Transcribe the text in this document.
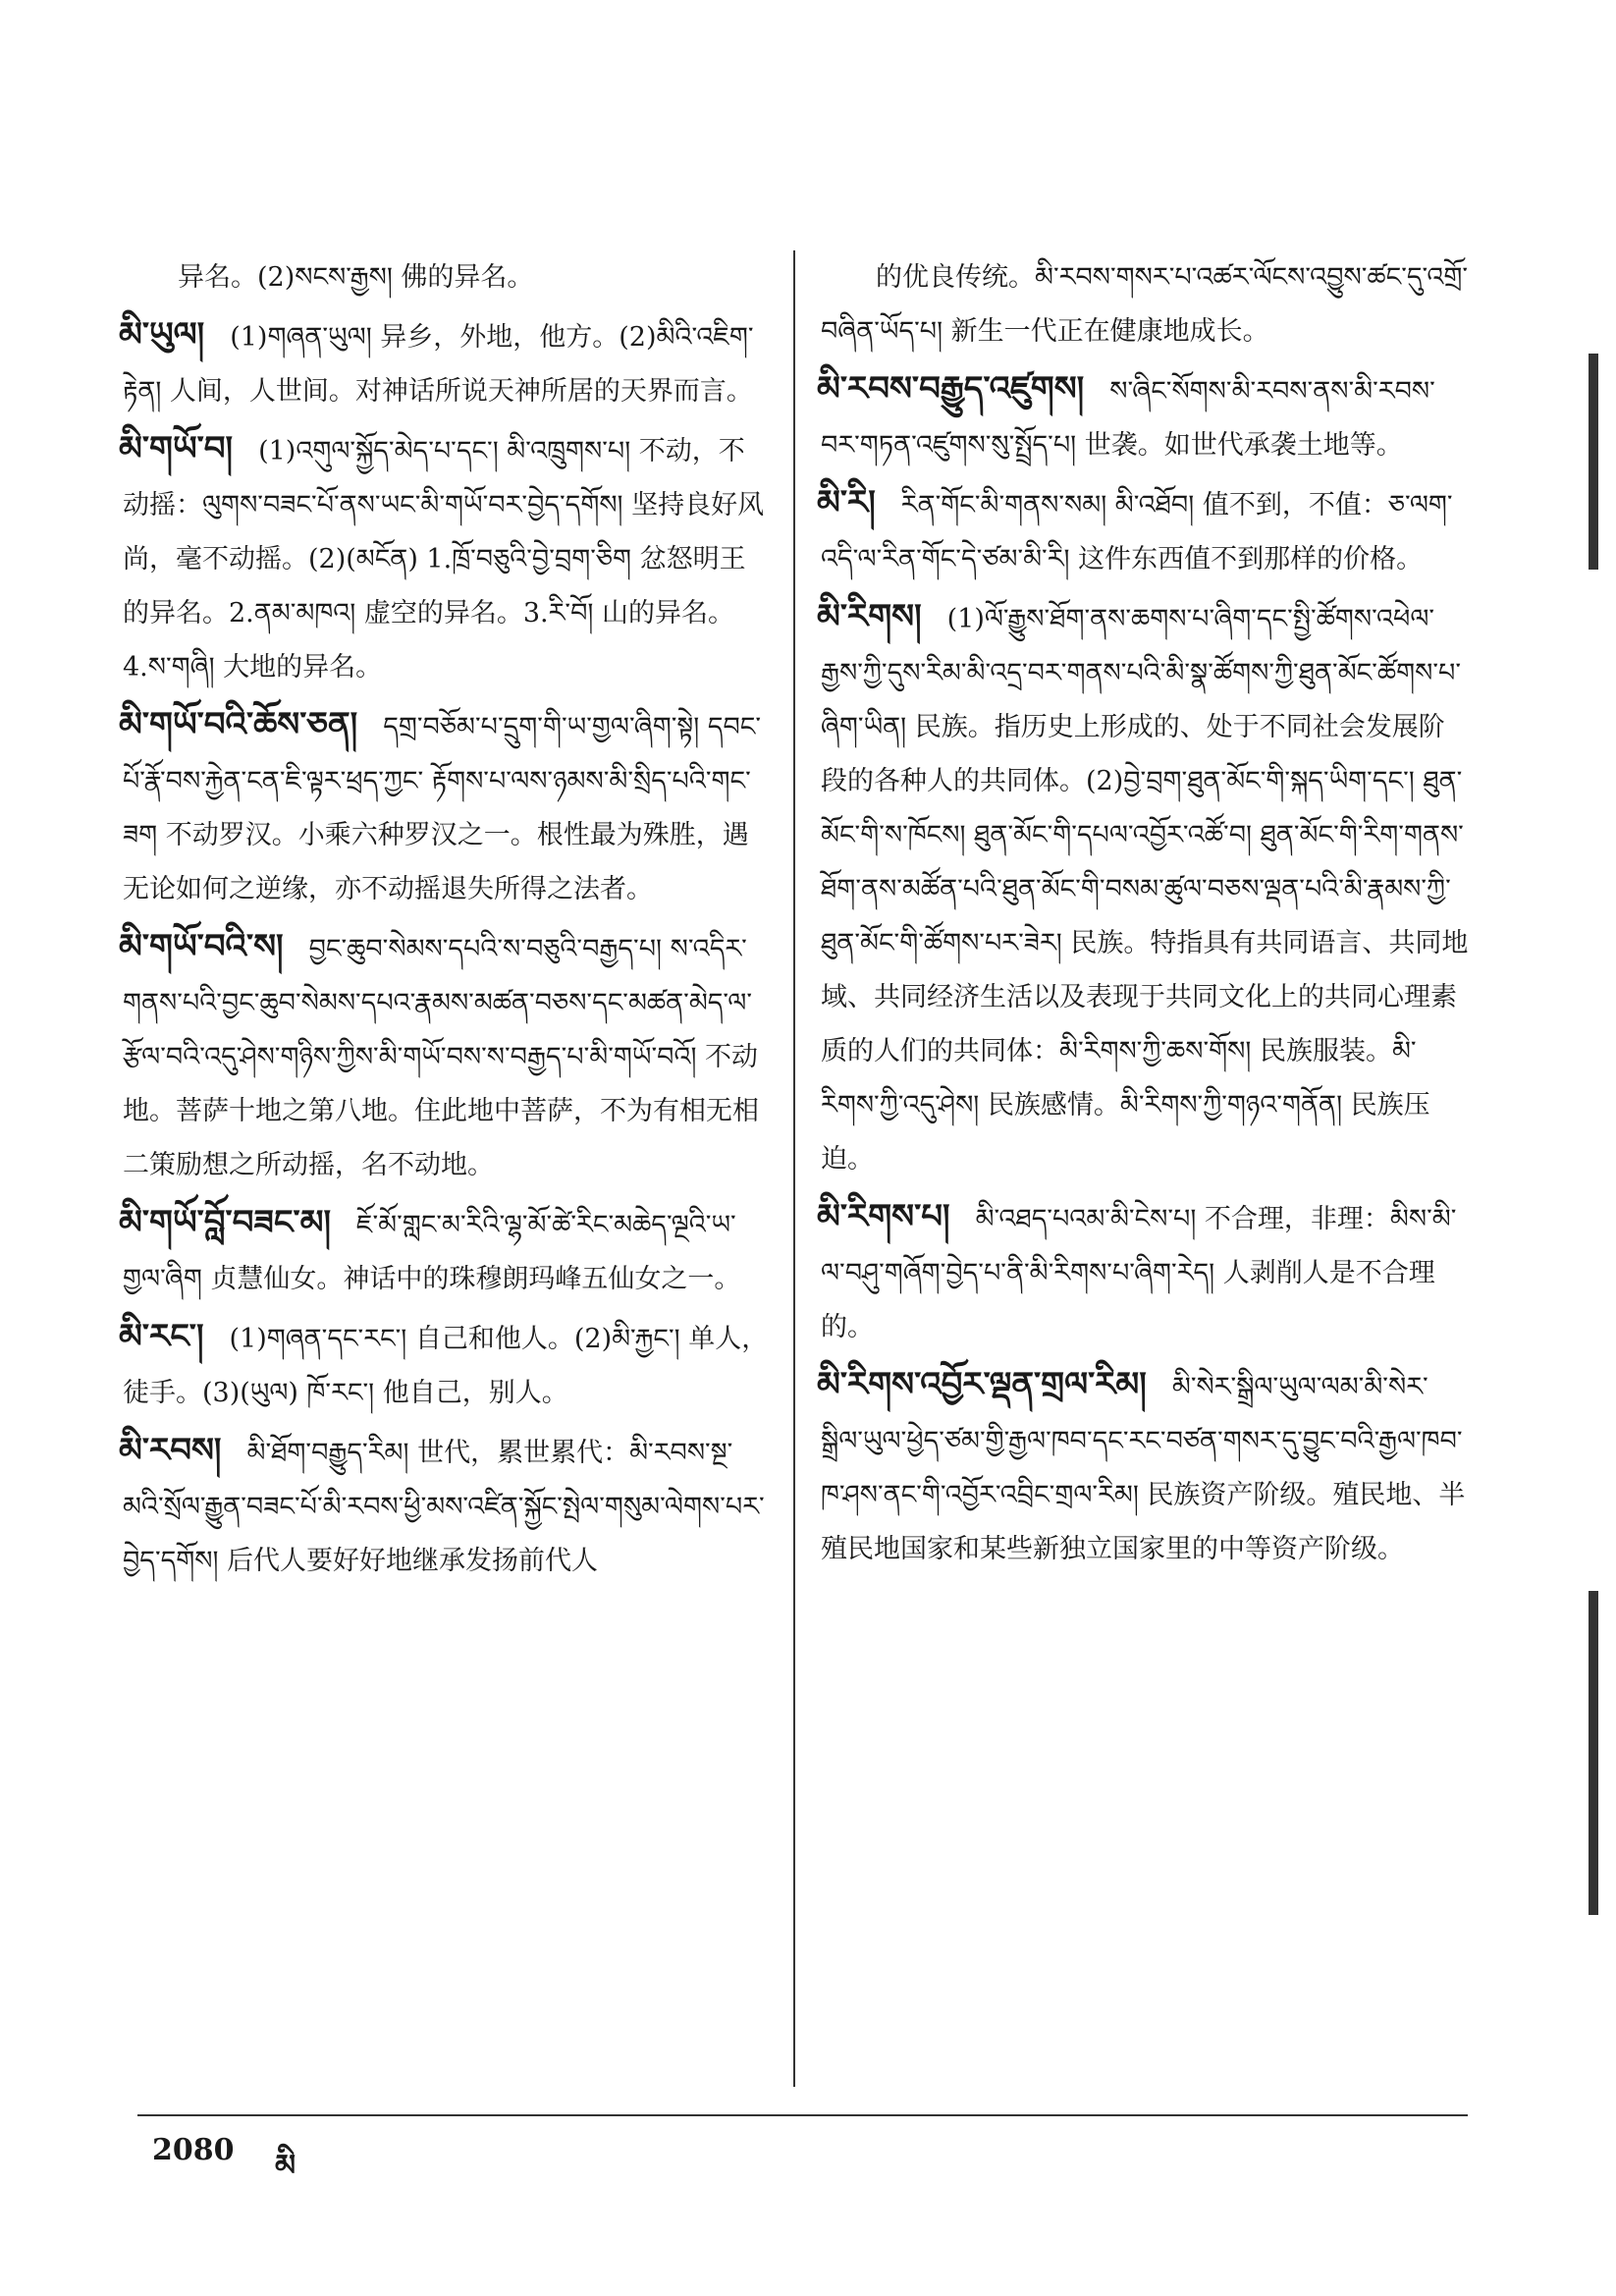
异名。(2)སངས་རྒྱས། 佛的异名。
མི་ཡུལ། (1)གཞན་ཡུལ། 异乡，外地，他方。(2)མིའི་འཇིག་རྟེན། 人间，人世间。对神话所说天神所居的天界而言。
མི་གཡོ་བ། (1)འགུལ་སྐྱོད་མེད་པ་དང་། མི་འཁྲུགས་པ། 不动，不动摇：ལུགས་བཟང་པོ་ནས་ཡང་མི་གཡོ་བར་བྱེད་དགོས། 坚持良好风尚，毫不动摇。(2)(མངོན) 1.ཁྲོ་བཅུའི་བྱེ་བྲག་ཅིག 忿怒明王的异名。2.ནམ་མཁའ། 虚空的异名。3.རི་བོ། 山的异名。4.ས་གཞི། 大地的异名。
མི་གཡོ་བའི་ཆོས་ཅན། དགྲ་བཅོམ་པ་དྲུག་གི་ཡ་གྱལ་ཞིག་སྟེ། དབང་པོ་རྣོ་བས་རྐྱེན་ངན་ཇི་ལྟར་ཕྲད་ཀྱང་ རྟོགས་པ་ལས་ཉམས་མི་སྲིད་པའི་གང་ཟག 不动罗汉。小乘六种罗汉之一。根性最为殊胜，遇无论如何之逆缘，亦不动摇退失所得之法者。
མི་གཡོ་བའི་ས། བྱང་ཆུབ་སེམས་དཔའི་ས་བཅུའི་བརྒྱད་པ། ས་འདིར་གནས་པའི་བྱང་ཆུབ་སེམས་དཔའ་རྣམས་མཚན་བཅས་དང་མཚན་མེད་ལ་རྩོལ་བའི་འདུ་ཤེས་གཉིས་ཀྱིས་མི་གཡོ་བས་ས་བརྒྱད་པ་མི་གཡོ་བའོ། 不动地。菩萨十地之第八地。住此地中菩萨，不为有相无相二策励想之所动摇，名不动地。
མི་གཡོ་བློ་བཟང་མ། ཇོ་མོ་གླང་མ་རིའི་ལྷ་མོ་ཚེ་རིང་མཆེད་ལྔའི་ཡ་གྱལ་ཞིག 贞慧仙女。神话中的珠穆朗玛峰五仙女之一。
མི་རང་། (1)གཞན་དང་རང་། 自己和他人。(2)མི་རྐྱང་། 单人，徒手。(3)(ཡུལ) ཁོ་རང་། 他自己，别人。
མི་རབས། མི་ཐོག་བརྒྱུད་རིམ། 世代，累世累代：མི་རབས་སྔ་མའི་སྲོལ་རྒྱུན་བཟང་པོ་མི་རབས་ཕྱི་མས་འཛིན་སྐྱོང་སྤེལ་གསུམ་ལེགས་པར་བྱེད་དགོས། 后代人要好好地继承发扬前代人
的优良传统。མི་རབས་གསར་པ་འཚར་ལོངས་འབྱུས་ཚང་དུ་འགྲོ་བཞིན་ཡོད་པ། 新生一代正在健康地成长。
མི་རབས་བརྒྱུད་འཛུགས། ས་ཞིང་སོགས་མི་རབས་ནས་མི་རབས་བར་གཏན་འཛུགས་སུ་སྤྲོད་པ། 世袭。如世代承袭土地等。
མི་རི། རིན་གོང་མི་གནས་སམ། མི་འཐོབ། 值不到，不值：ཅ་ལག་འདི་ལ་རིན་གོང་དེ་ཙམ་མི་རི། 这件东西值不到那样的价格。
མི་རིགས། (1)ལོ་རྒྱུས་ཐོག་ནས་ཆགས་པ་ཞིག་དང་སྤྱི་ཚོགས་འཕེལ་རྒྱས་ཀྱི་དུས་རིམ་མི་འདྲ་བར་གནས་པའི་མི་སྣ་ཚོགས་ཀྱི་ཐུན་མོང་ཚོགས་པ་ཞིག་ཡིན། 民族。指历史上形成的、处于不同社会发展阶段的各种人的共同体。(2)བྱེ་བྲག་ཐུན་མོང་གི་སྐད་ཡིག་དང་། ཐུན་མོང་གི་ས་ཁོངས། ཐུན་མོང་གི་དཔལ་འབྱོར་འཚོ་བ། ཐུན་མོང་གི་རིག་གནས་ཐོག་ནས་མཚོན་པའི་ཐུན་མོང་གི་བསམ་ཚུལ་བཅས་ལྡན་པའི་མི་རྣམས་ཀྱི་ཐུན་མོང་གི་ཚོགས་པར་ཟེར། 民族。特指具有共同语言、共同地域、共同经济生活以及表现于共同文化上的共同心理素质的人们的共同体：མི་རིགས་ཀྱི་ཆས་གོས། 民族服装。མི་རིགས་ཀྱི་འདུ་ཤེས། 民族感情。མི་རིགས་ཀྱི་གཉའ་གནོན། 民族压迫。
མི་རིགས་པ། མི་འཐད་པའམ་མི་ངེས་པ། 不合理，非理：མིས་མི་ལ་བཤུ་གཞོག་བྱེད་པ་ནི་མི་རིགས་པ་ཞིག་རེད། 人剥削人是不合理的。
མི་རིགས་འབྱོར་ལྡན་གྲལ་རིམ། མི་སེར་སྒྲིལ་ཡུལ་ལམ་མི་སེར་སྒྲིལ་ཡུལ་ཕྱེད་ཙམ་གྱི་རྒྱལ་ཁབ་དང་རང་བཙན་གསར་དུ་བྱུང་བའི་རྒྱལ་ཁབ་ཁ་ཤས་ནང་གི་འབྱོར་འབྲིང་གྲལ་རིམ། 民族资产阶级。殖民地、半殖民地国家和某些新独立国家里的中等资产阶级。
2080 མི
